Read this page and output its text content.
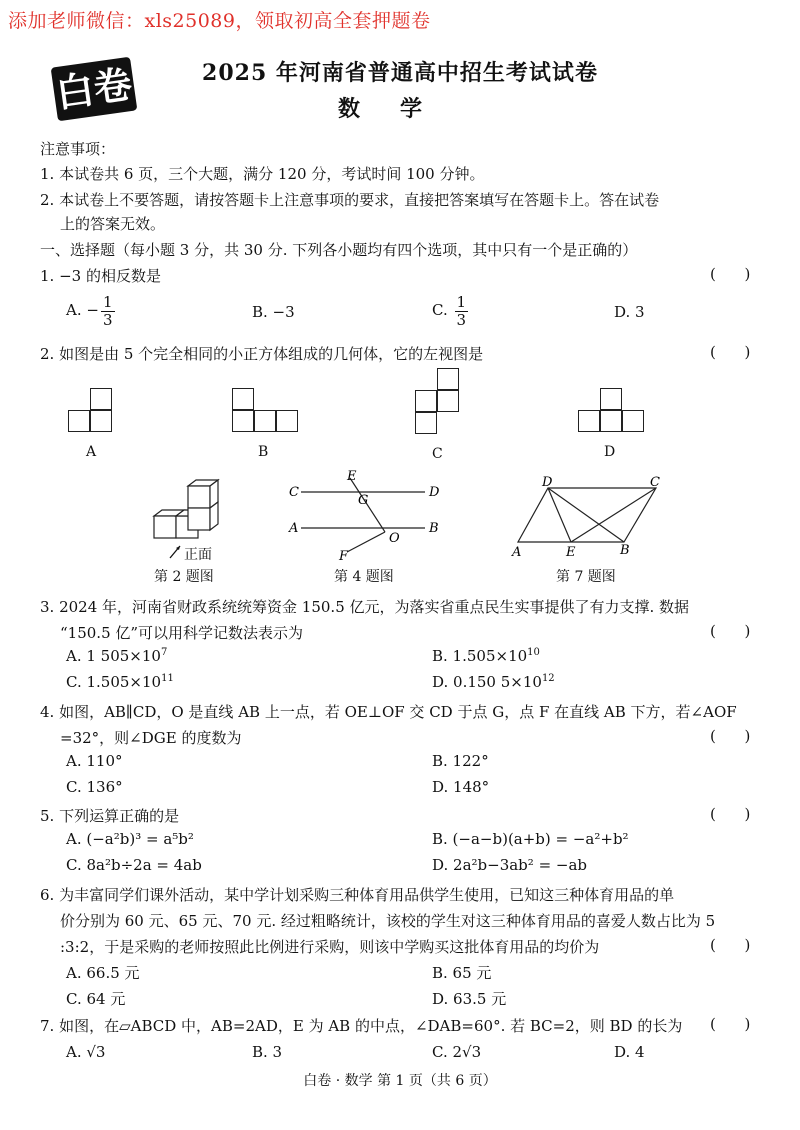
添加老师微信：xls25089，领取初高全套押题卷
白卷	2025 年河南省普通高中招生考试试卷
数学
注意事项：
1. 本试卷共 6 页，三个大题，满分 120 分，考试时间 100 分钟。
2. 本试卷上不要答题，请按答题卡上注意事项的要求，直接把答案填写在答题卡上。答在试卷
上的答案无效。
一、选择题（每小题 3 分，共 30 分. 下列各小题均有四个选项，其中只有一个是正确的）
1. −3 的相反数是	(      )
A. − $\frac{1}{3}$	B. −3	C. $\frac{1}{3}$	D. 3
2. 如图是由 5 个完全相同的小正方体组成的几何体，它的左视图是	(      )
A	B	C	D
正面
第 2 题图
C	D
E
G
A	B
O
F
第 4 题图
D	C
A	E	B
第 7 题图
3. 2024 年，河南省财政系统统筹资金 150.5 亿元，为落实省重点民生实事提供了有力支撑. 数据
“150.5 亿”可以用科学记数法表示为	(      )
A. 1 $505\times 10^7$	B. $1.505\times 10^{10}$
C. $1.505\times 10^{11}$	D. 0.150 $5\times 10^{12}$
4. 如图，AB∥CD，O 是直线 AB 上一点，若 OE⊥OF 交 CD 于点 G，点 F 在直线 AB 下方，若∠AOF
=32°，则∠DGE 的度数为	(      )
A. 110°	B. 122°
C. 136°	D. 148°
5. 下列运算正确的是	(      )
A. (−a²b)³ = a⁵b²	B. (−a−b)(a+b) = −a²+b²
C. 8a²b÷2a = 4ab	D. 2a²b−3ab² = −ab
6. 为丰富同学们课外活动，某中学计划采购三种体育用品供学生使用，已知这三种体育用品的单
价分别为 60 元、65 元、70 元. 经过粗略统计，该校的学生对这三种体育用品的喜爱人数占比为 5
:3:2，于是采购的老师按照此比例进行采购，则该中学购买这批体育用品的均价为	(      )
A. 66.5 元	B. 65 元
C. 64 元	D. 63.5 元
7. 如图，在▱ABCD 中，AB=2AD，E 为 AB 的中点，∠DAB=60°. 若 BC=2，则 BD 的长为 (      )
A. √3	B. 3	C. 2√3	D. 4
白卷 · 数学 第 1 页（共 6 页）
